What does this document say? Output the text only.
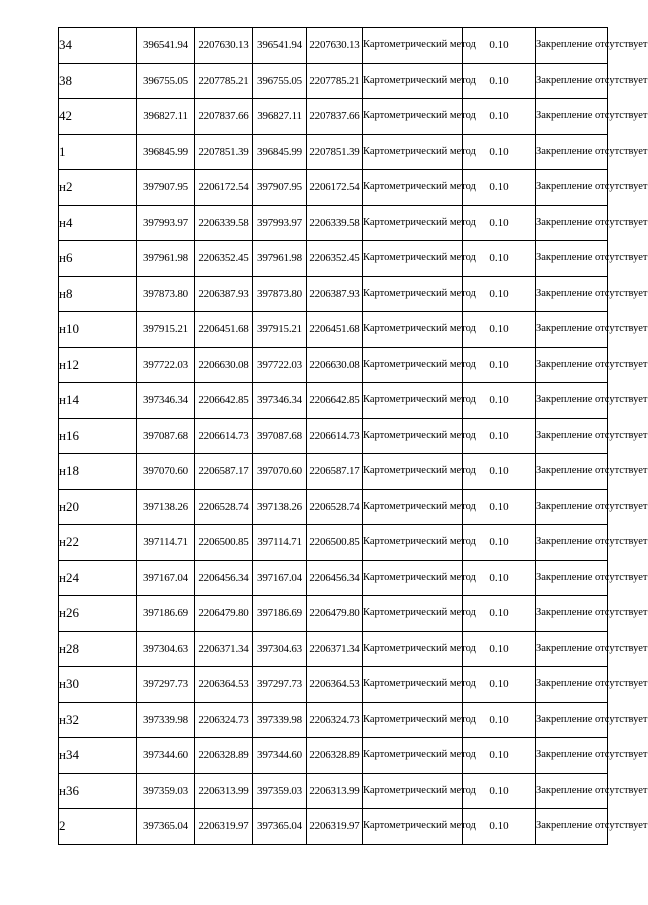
34	396541.94	2207630.13	396541.94	2207630.13	Картометрический метод	0.10	Закрепление отсутствует
38	396755.05	2207785.21	396755.05	2207785.21	Картометрический метод	0.10	Закрепление отсутствует
42	396827.11	2207837.66	396827.11	2207837.66	Картометрический метод	0.10	Закрепление отсутствует
1	396845.99	2207851.39	396845.99	2207851.39	Картометрический метод	0.10	Закрепление отсутствует
н2	397907.95	2206172.54	397907.95	2206172.54	Картометрический метод	0.10	Закрепление отсутствует
н4	397993.97	2206339.58	397993.97	2206339.58	Картометрический метод	0.10	Закрепление отсутствует
н6	397961.98	2206352.45	397961.98	2206352.45	Картометрический метод	0.10	Закрепление отсутствует
н8	397873.80	2206387.93	397873.80	2206387.93	Картометрический метод	0.10	Закрепление отсутствует
н10	397915.21	2206451.68	397915.21	2206451.68	Картометрический метод	0.10	Закрепление отсутствует
н12	397722.03	2206630.08	397722.03	2206630.08	Картометрический метод	0.10	Закрепление отсутствует
н14	397346.34	2206642.85	397346.34	2206642.85	Картометрический метод	0.10	Закрепление отсутствует
н16	397087.68	2206614.73	397087.68	2206614.73	Картометрический метод	0.10	Закрепление отсутствует
н18	397070.60	2206587.17	397070.60	2206587.17	Картометрический метод	0.10	Закрепление отсутствует
н20	397138.26	2206528.74	397138.26	2206528.74	Картометрический метод	0.10	Закрепление отсутствует
н22	397114.71	2206500.85	397114.71	2206500.85	Картометрический метод	0.10	Закрепление отсутствует
н24	397167.04	2206456.34	397167.04	2206456.34	Картометрический метод	0.10	Закрепление отсутствует
н26	397186.69	2206479.80	397186.69	2206479.80	Картометрический метод	0.10	Закрепление отсутствует
н28	397304.63	2206371.34	397304.63	2206371.34	Картометрический метод	0.10	Закрепление отсутствует
н30	397297.73	2206364.53	397297.73	2206364.53	Картометрический метод	0.10	Закрепление отсутствует
н32	397339.98	2206324.73	397339.98	2206324.73	Картометрический метод	0.10	Закрепление отсутствует
н34	397344.60	2206328.89	397344.60	2206328.89	Картометрический метод	0.10	Закрепление отсутствует
н36	397359.03	2206313.99	397359.03	2206313.99	Картометрический метод	0.10	Закрепление отсутствует
2	397365.04	2206319.97	397365.04	2206319.97	Картометрический метод	0.10	Закрепление отсутствует
